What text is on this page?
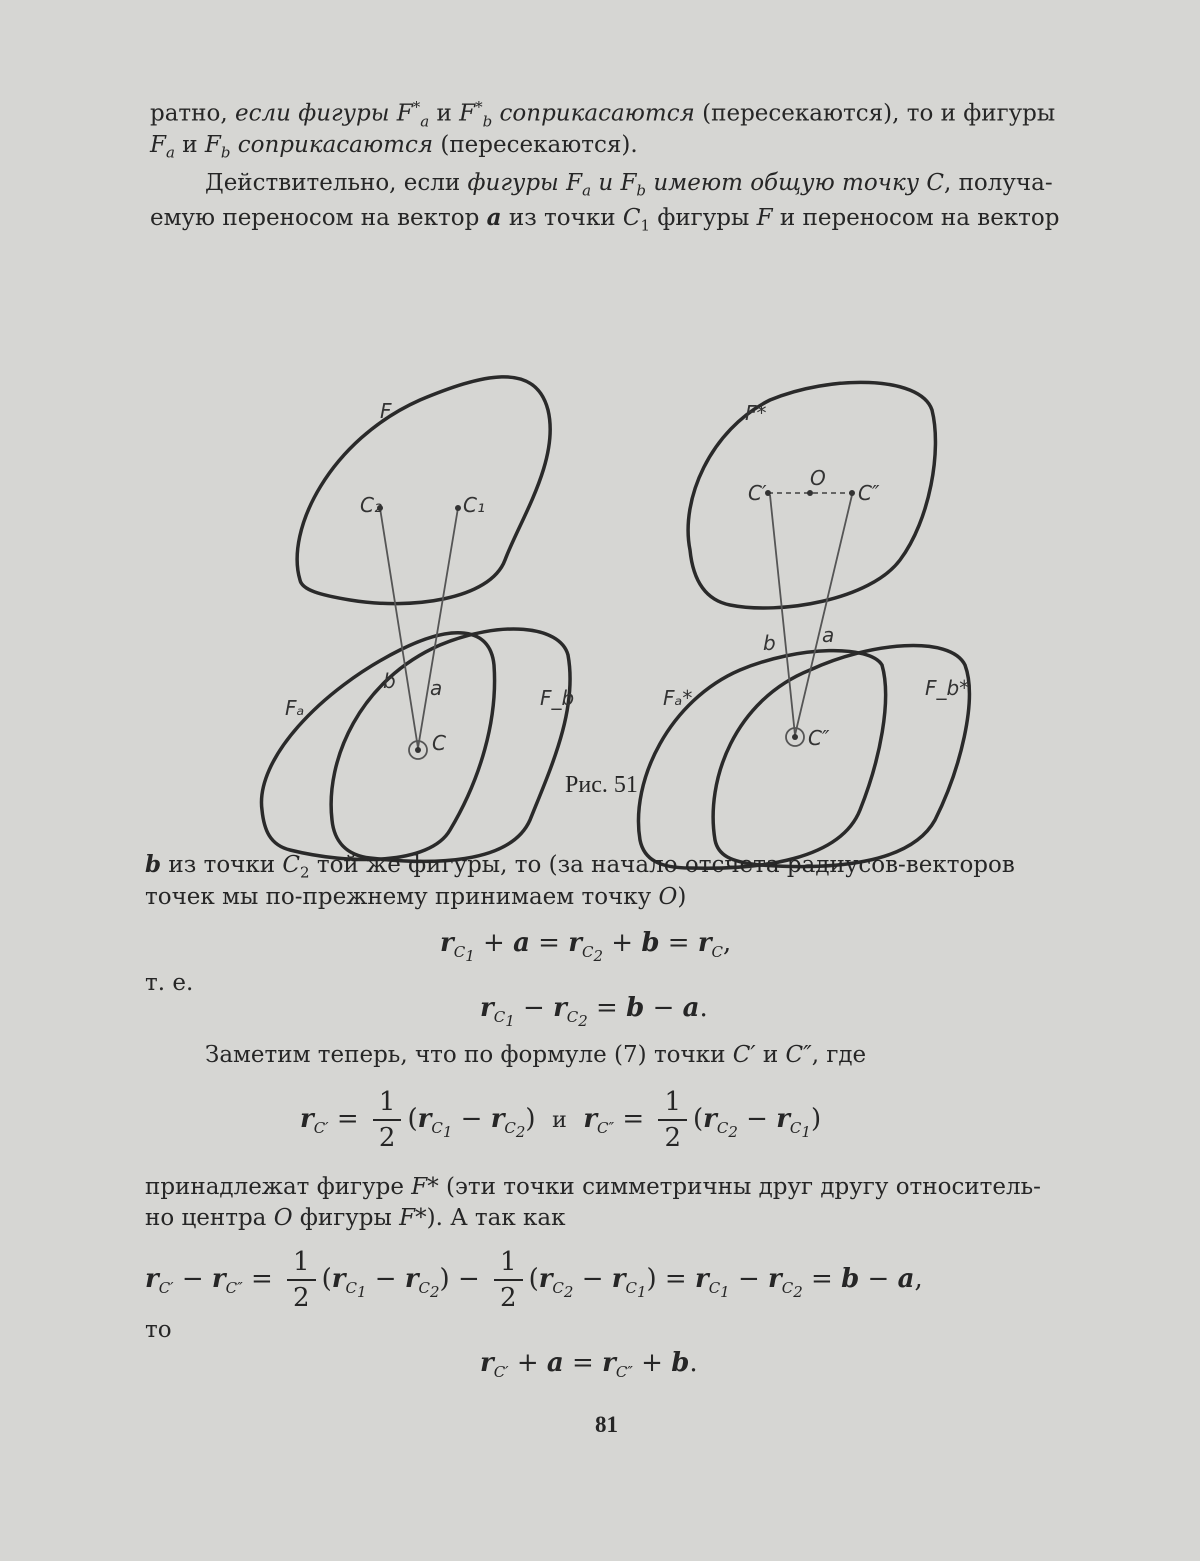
ратно, если фигуры $F^*_a$ и $F^*_b$ соприкасаются (пересекаются), то и фигуры
$F_a$ и $F_b$ соприкасаются (пересекаются).
Действительно, если фигуры $F_a$ и $F_b$ имеют общую точку C, получа-
емую переносом на вектор a из точки $C_1$ фигуры F и переносом на вектор
F
C₂	C₁
Fₐ	F_b
b a
C
F*
C′
O
C″
Fₐ*	F_b*
b a
C″
Рис. 51
b из точки $C_2$ той же фигуры, то (за начало отсчета радиусов-векторов
точек мы по-прежнему принимаем точку O)
$r_{C_1} + a = r_{C_2} + b = r_C$,
т. е.
$r_{C_1} - r_{C_2} = b - a$.
Заметим теперь, что по формуле (7) точки C′ и C″, где
$r_{C'} = \frac{1}{2} (r_{C_1} - r_{C_2})$  и $r_{C''} = \frac{1}{2} (r_{C_2} - r_{C_1})$
принадлежат фигуре F* (эти точки симметричны друг другу относитель-
но центра O фигуры F*). А так как
$r_{C'} - r_{C''} = \frac{1}{2} (r_{C_1} - r_{C_2}) - \frac{1}{2} (r_{C_2} - r_{C_1}) = r_{C_1} - r_{C_2} = b - a$,
то
$r_{C'} + a = r_{C''} + b$.
81
